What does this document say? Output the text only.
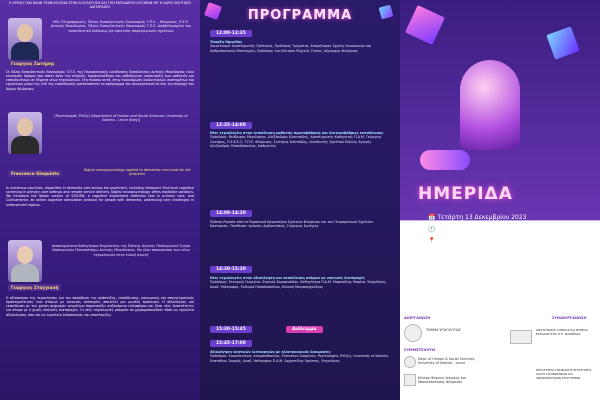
Η ΧΡΗΣΗ ΤΩΝ ΝΕΩΝ ΤΕΧΝΟΛΟΓΙΩΝ ΣΤΗΝ ΑΞΙΟΛΟΓΗΣΗ ΚΑΙ ΤΗΝ ΕΚΠΑΙΔΕΥΣΗ ΑΤΟΜΩΝ ΜΕ Ή ΧΩΡΙΣ ΝΟΗΤΙΚΕΣ ΔΙΑΤΑΡΑΧΕΣ
Γεώργιος Σωτήρης
MSc Πληροφορικής, Πάλος Εκπαιδευτικός Κανονισμός Τ.Π.Ε. - Φλώρινας, Π.Ε.Ε. Δυτικής Μακεδονίας. Πάλος Εκπαιδευτικός Κανονισμός Τ.Π.Ε. Αναβαθμισμένη του εκπαιδευτικό διάδοσιμ για αρκετούς παραγωγικούς σχολείων
Οι Πάλοι Εκπαιδευτικός Κανονισμός Τ.Π.Ε. της Περιφερειακής Διεύθυνσης Εκπαίδευσης Δυτικής Μακεδονίας είναι κεντρικός δρόμος που ασκεί έργο την στήριξη, παρακολούθηση και καθοδήγηση υποστήριξη των μαθητών και εκπαιδευτικών σε θέματα νέων τεχνολογιών. Στο πλαίσιο αυτό, στην ενδυνάμωση διαδικτυακών συστημάτων και εργαλείων μέσω της ΣτΕ της εκπαίδευσης αναπτύσσεται το πρόγραμμα του συνεργατικού σε όλη την περιοχή του Δήμου Φλώρινας.
Francesco Giaquinto
[Psychologist, PhD(c) Department of Human and Social Sciences, University of Salento - Lecce (Italy)]
Digital neuropsychology applied to dementia: new tools for old problems
In numerous countries, disparities in dementia care access are prominent, including infrequent first-level cognitive screening in primary care settings and remote service delivery. Digital neuropsychology offers equitable solutions. We introduce the Italian version of SATURN, a cognitive impairment detection tool in primary care, and Cultivamente, an online cognitive stimulation protocol for people with dementia, addressing care challenges in underserved regions.
Γεώργιος Σταγγιανή
Αναπληρώτρια Καθηγήτρια Ψυχολογίας της Ειδικής Αγωγής Παιδαγωγικό Τμήμα Νηπιαγωγών Πανεπιστήμιο Δυτικής Μακεδονίας. Θα γίνει παρουσίαση των νέων τεχνολογιών στην ειδική αγωγή
Η αξιοποίηση της τεχνολογίας για την προώθηση της ανάπτυξης, εκπαίδευσης, κοινωνικής και επαγγελματικής δραστηριότητας των ατόμων με νοητικές αναπηρίες αποτελεί μια μεγάλη πρόκληση. Η αξιολόγηση και εκπαίδευση με την χρήση ψηφιακών εργαλείων παρουσιάζει αυξανόμενο ενδιαφέρον και δίνει νέες δυνατότητες για άτομα με ή χωρίς νοητικές διαταραχές. Οι νέες τεχνολογίες μπορούν να χρησιμοποιηθούν τόσο ως εργαλεία αξιολόγησης όσο και ως εργαλεία διδασκαλίας και υποστήριξης.
ΠΡΟΓΡΑΜΜΑ
12:00-12:35
Έναρξη Ημερίδας
Χαιρετισμοί: Αναπληρωτής Πρύτανης, Πρόεδρος Τμήματος, Κοσμήτορας Σχολής Κοινωνικών και Ανθρωπιστικών Επιστημών, Πρόεδρος του Κέντρου Ψυχικής Υγείας, Δήμαρχος Φλώρινας
12:35-14:00
Νέες τεχνολογίες στην εκπαίδευση μαθητών πρωτοβάθμιας και δευτεροβάθμιας εκπαίδευσης
Πρόεδρος: Θεόδωρος Μεριδιάκης. Αλέξανδρος Κλοκτσίδης, Αναπληρωτής Καθηγητής Π.Δ.Μ. Γεώργιος Σωτήρης, Π.Ε.Κ.Ε.Σ. Τ.Π.Ε. Φλώρινας. Σωτήρης Καλτσίδης, Διευθυντής Σχολείου Ειδικής Αγωγής. Αλεξανδρής Παπαδόπουλος, Καθηγητής
14:00-14:30
Έκθεση Ρομπότ από το Ρομποτικό Εργαστήριο Σχολείου Φλώρινας και του Πειραματικού Σχολείου Καστοριάς. Υπεύθυνοι: Ιωάννης Αρβανιτάκης, Γεώργιος Σωτήρης
14:30-15:30
Νέες τεχνολογίες στην αξιολόγηση και εκπαίδευση ατόμων με νοητικές διαταραχές
Πρόεδρος: Σταυρινή Γεωργίου. Ευγενία Σαμαρτσίδου, Καθηγήτρια Π.Δ.Μ. Μαρκούλης Μαρίνα, Ψυχολόγος, Ακαδ. Υπότροφος. Ευθυμία Παπαδοπούλου, Κλινική Νευροψυχολόγος
15:30-15:45	Διάλειμμα
15:45-17:00
Αξιολόγηση νοητικών λειτουργιών με ηλεκτρονικούς δοκιμασίες
Πρόεδρος: Κωνσταντίνος Ασημακόπουλος. Francesco Giaquinto, Psychologist, PhD(c), University of Salento. Ευστάθιος Σαρρής, Ακαδ. Υπότροφος Π.Δ.Μ. Αρχοντίδης Χρήστος, Ψυχολόγος
ΗΜΕΡΙΔΑ
📅 Τετάρτη 13 Δεκεμβρίου 2023
🕛 12:00
📍 Μεγάλο Αμφιθέατρο, Φλώρινα
Σχολή Κοινωνικών και Ανθρωπιστικών Επιστημών
Η χρήση των νέων τεχνολογιών στην αξιολόγηση και την εκπαίδευση ατόμων με ή χωρίς νοητικές διαταραχές
ΔΙΟΡΓΑΝΩΣΗ	ΣΥΝΔΙΟΡΓΑΝΩΣΗ
ΤΜΗΜΑ ΨΥΧΟΛΟΓΙΑΣ	ΔΙΕΥΘΥΝΣΕΙΣ ΑΙΘΜΙΑΣ ΚΑΙ ΒΘΜΙΑΣ ΕΚΠΑΙΔΕΥΣΗΣ Π.Ε. ΦΛΩΡΙΝΑΣ
ΣΥΜΜΕΤΕΧΟΥΝ
Dept. of Human & Social Sciences, University of Salento - Lecce
Κέντρο Ψυχικής Ιατρικής και Αποκατάστασης Φλώρινας
ΕΡΓΑΣΤΗΡΙΟ ΓΝΩΣΙΑΚΗΣ ΕΠΙΣΤΗΜΗΣ ΣΧΟΛΗ ΚΟΙΝΩΝΙΚΩΝ ΚΑΙ ΑΝΘΡΩΠΙΣΤΙΚΩΝ ΕΠΙΣΤΗΜΩΝ
